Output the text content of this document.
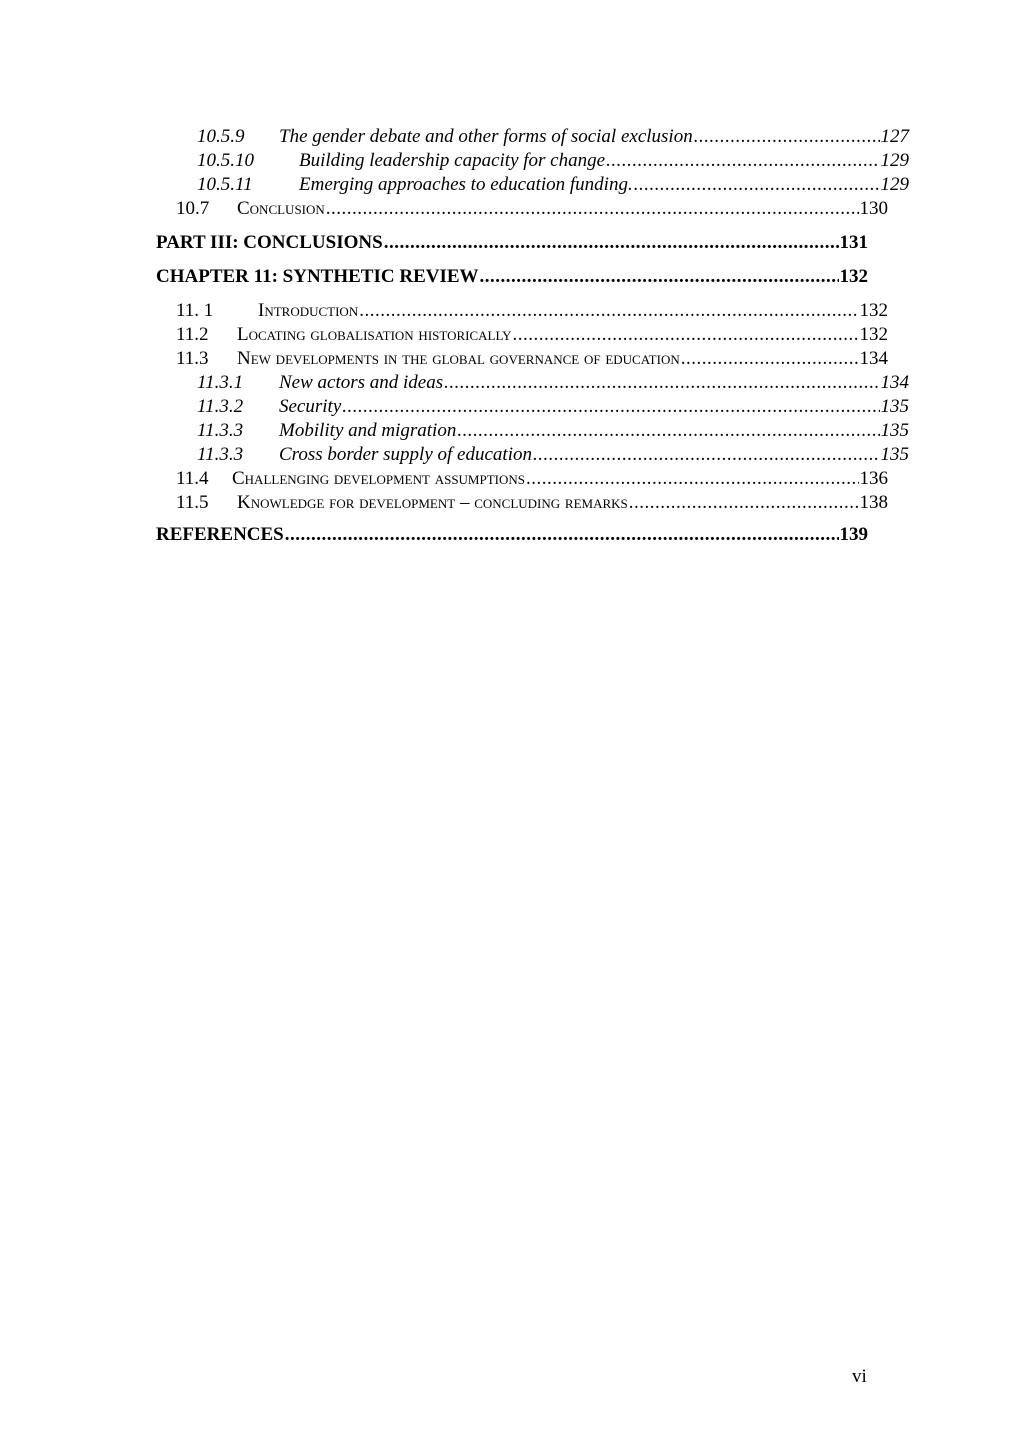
10.5.9	The gender debate and other forms of social exclusion .....	127
10.5.10	Building leadership capacity for change .....	129
10.5.11	Emerging approaches to education funding. .....	129
10.7	Conclusion .....	130
PART III: CONCLUSIONS .....	131
CHAPTER 11: SYNTHETIC REVIEW .....	132
11. 1	Introduction .....	132
11.2	Locating globalisation historically .....	132
11.3	New developments in the global governance of education .....	134
11.3.1	New actors and ideas .....	134
11.3.2	Security .....	135
11.3.3	Mobility and migration .....	135
11.3.3	Cross border supply of education .....	135
11.4	Challenging development assumptions .....	136
11.5	Knowledge for development – concluding remarks .....	138
REFERENCES .....	139
vi
